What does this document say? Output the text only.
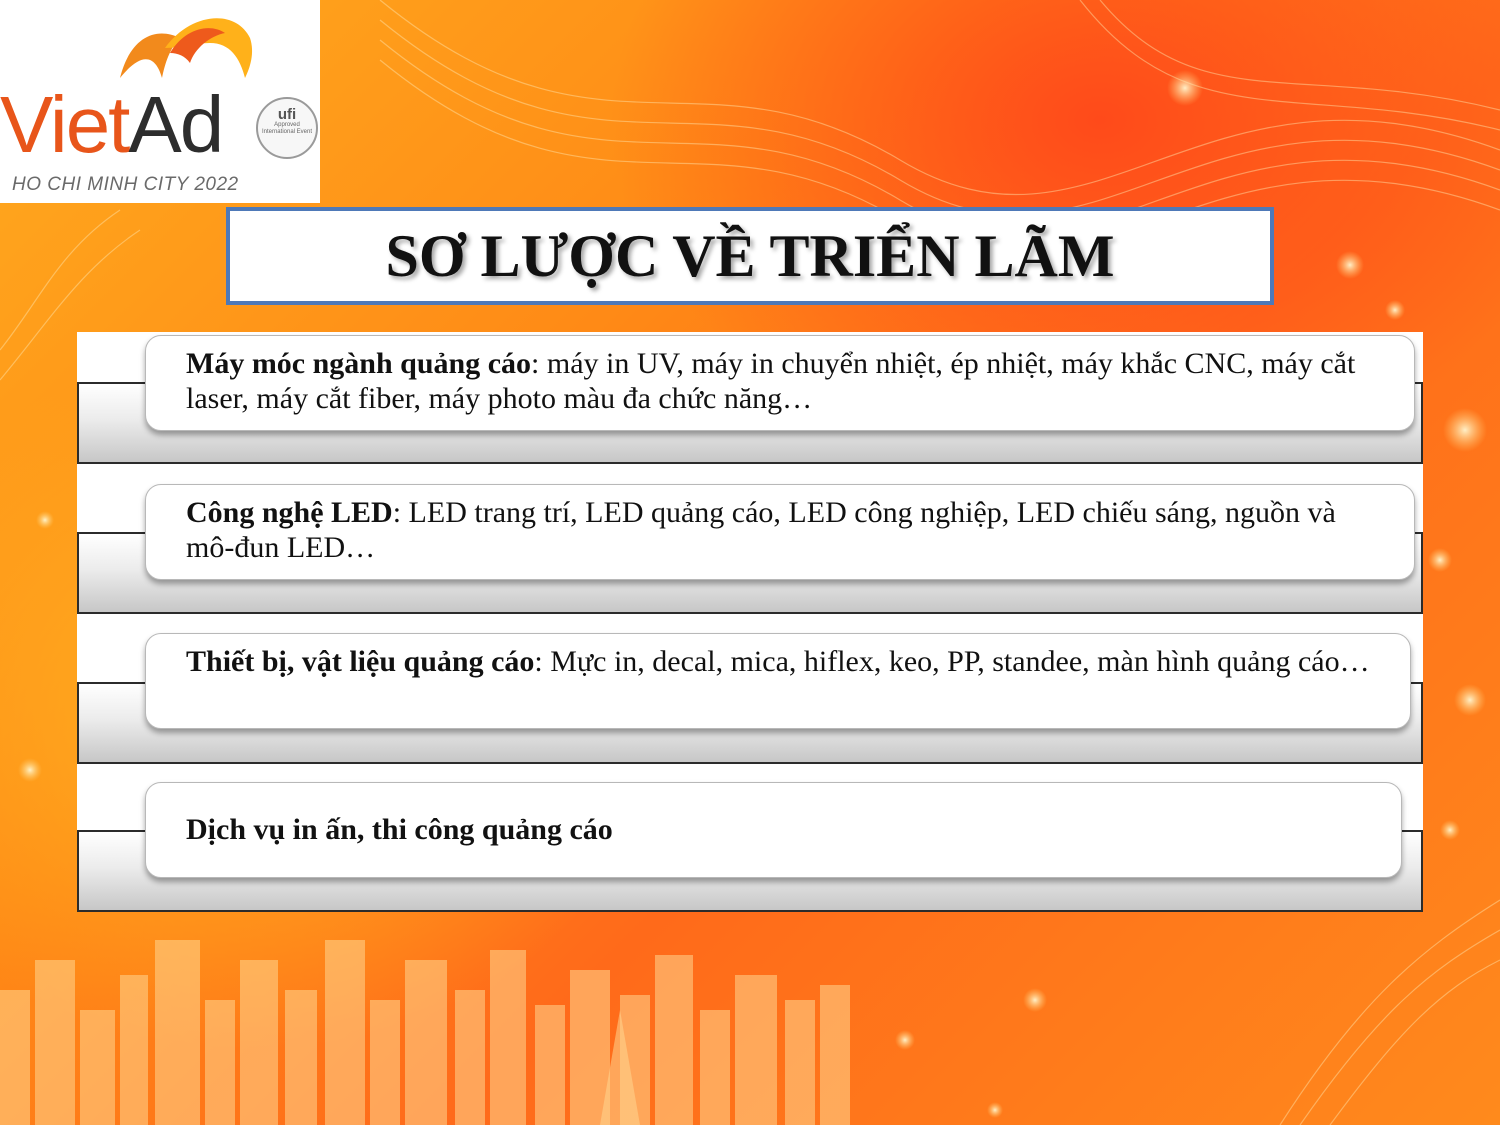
VietAd	ufi
Approved International Event
HO CHI MINH CITY 2022
SƠ LƯỢC VỀ TRIỂN LÃM
Máy móc ngành quảng cáo: máy in UV, máy in chuyển nhiệt, ép nhiệt, máy khắc CNC, máy cắt laser, máy cắt fiber, máy photo màu đa chức năng…
Công nghệ LED: LED trang trí, LED quảng cáo, LED công nghiệp, LED chiếu sáng, nguồn và mô-đun LED…
Thiết bị, vật liệu quảng cáo: Mực in, decal, mica, hiflex, keo, PP, standee, màn hình quảng cáo…
Dịch vụ in ấn, thi công quảng cáo
